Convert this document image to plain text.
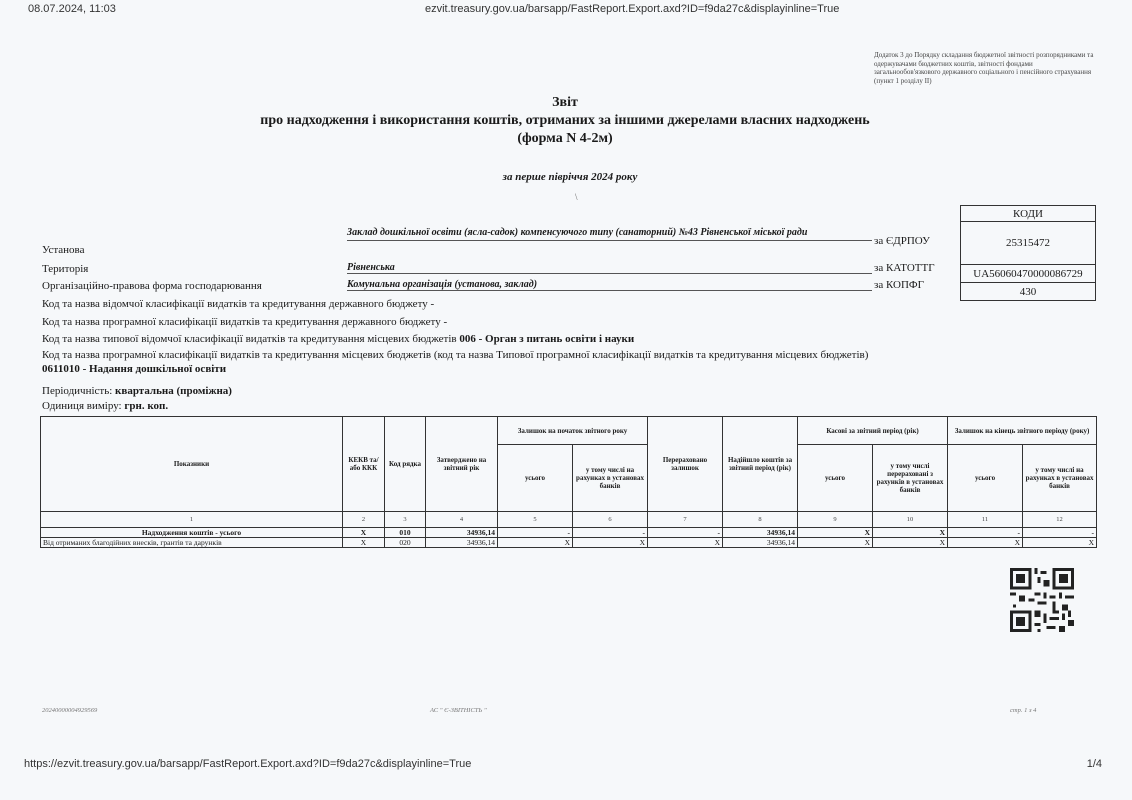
08.07.2024, 11:03	ezvit.treasury.gov.ua/barsapp/FastReport.Export.axd?ID=f9da27c&displayinline=True
Додаток 3 до Порядку складання бюджетної звітності розпорядниками та одержувачами бюджетних коштів, звітності фондами загальнообов'язкового державного соціального і пенсійного страхування (пункт 1 розділу II)
Звіт
про надходження і використання коштів, отриманих за іншими джерелами власних надходжень
(форма N 4-2м)
за перше півріччя 2024 року
\
КОДИ
25315472
UA56060470000086729
430
Установа
Заклад дошкільної освіти (ясла-садок) компенсуючого типу (санаторний) №43 Рівненської міської ради
за ЄДРПОУ
Територія	Рівненська	за КАТОТТГ
Організаційно-правова форма господарювання	Комунальна організація (установа, заклад)	за КОПФГ
Код та назва відомчої класифікації видатків та кредитування державного бюджету -
Код та назва програмної класифікації видатків та кредитування державного бюджету -
Код та назва типової відомчої класифікації видатків та кредитування місцевих бюджетів 006 - Орган з питань освіти і науки
Код та назва програмної класифікації видатків та кредитування місцевих бюджетів (код та назва Типової програмної класифікації видатків та кредитування місцевих бюджетів) 0611010 - Надання дошкільної освіти
Періодичність: квартальна (проміжна)
Одиниця виміру: грн. коп.
Показники	КЕКВ та/або ККК	Код рядка	Затверджено на звітний рік	Залишок на початок звітного року		Перераховано залишок	Надійшло коштів за звітний період (рік)	Касові за звітний період (рік)		Залишок на кінець звітного періоду (року)	
				усього	у тому числі на рахунках в установах банків			усього	у тому числі перераховані з рахунків в установах банків	усього	у тому числі на рахунках в установах банків
1	2	3	4	5	6	7	8	9	10	11	12
Надходження коштів - усього	X	010	34936,14	-	-	-	34936,14	X	X	-	-
Від отриманих благодійних внесків, грантів та дарунків	X	020	34936,14	X	X	X	34936,14	X	X	X	X
20240000004929569	АС " Є-ЗВІТНІСТЬ "	стр. 1 з 4
https://ezvit.treasury.gov.ua/barsapp/FastReport.Export.axd?ID=f9da27c&displayinline=True	1/4
